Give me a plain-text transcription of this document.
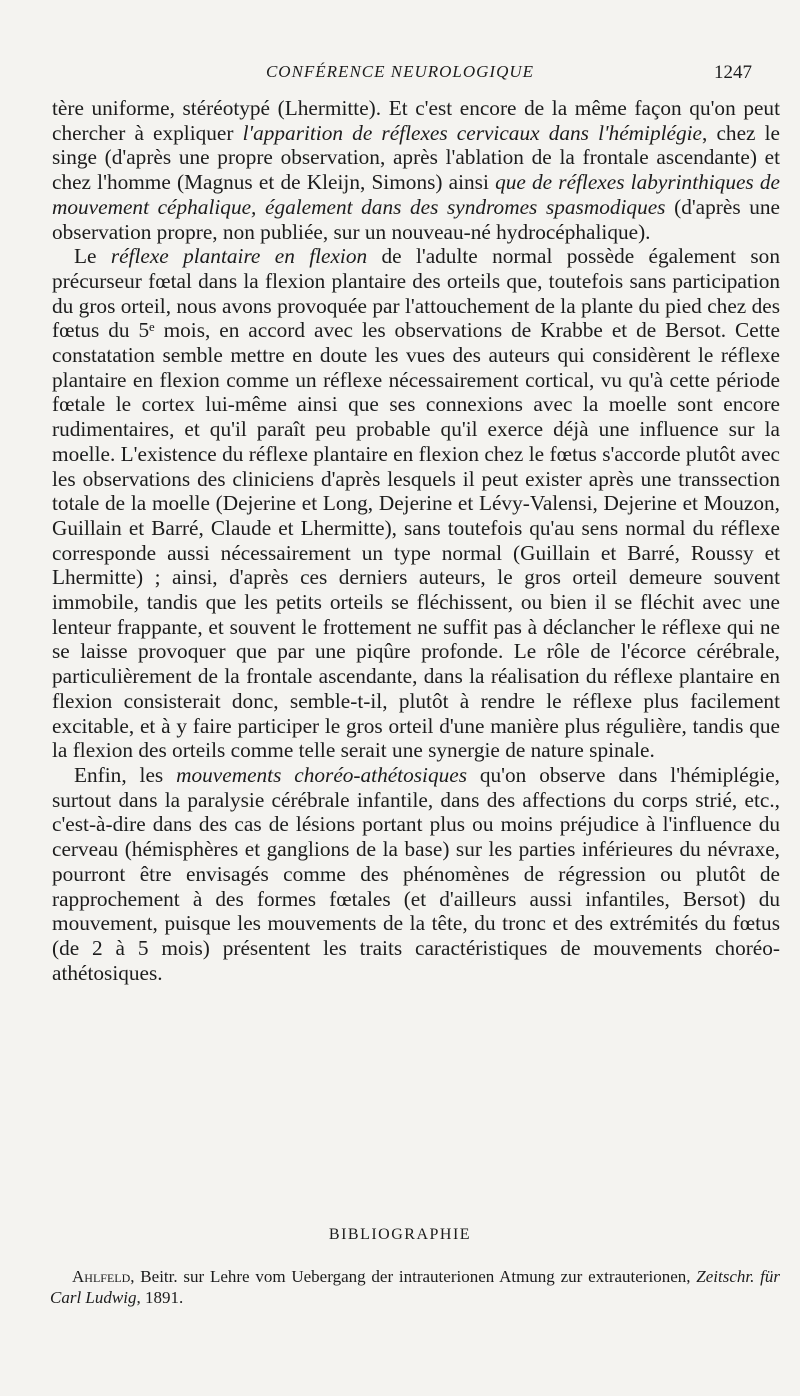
CONFÉRENCE NEUROLOGIQUE	1247

tère uniforme, stéréotypé (Lhermitte). Et c'est encore de la même façon qu'on peut chercher à expliquer l'apparition de réflexes cervicaux dans l'hémiplégie, chez le singe (d'après une propre observation, après l'ablation de la frontale ascendante) et chez l'homme (Magnus et de Kleijn, Simons) ainsi que de réflexes labyrinthiques de mouvement céphalique, également dans des syndromes spasmodiques (d'après une observation propre, non publiée, sur un nouveau-né hydrocéphalique).

Le réflexe plantaire en flexion de l'adulte normal possède également son précurseur fœtal dans la flexion plantaire des orteils que, toutefois sans participation du gros orteil, nous avons provoquée par l'attouchement de la plante du pied chez des fœtus du 5ᵉ mois, en accord avec les observations de Krabbe et de Bersot. Cette constatation semble mettre en doute les vues des auteurs qui considèrent le réflexe plantaire en flexion comme un réflexe nécessairement cortical, vu qu'à cette période fœtale le cortex lui-même ainsi que ses connexions avec la moelle sont encore rudimentaires, et qu'il paraît peu probable qu'il exerce déjà une influence sur la moelle. L'existence du réflexe plantaire en flexion chez le fœtus s'accorde plutôt avec les observations des cliniciens d'après lesquels il peut exister après une transsection totale de la moelle (Dejerine et Long, Dejerine et Lévy-Valensi, Dejerine et Mouzon, Guillain et Barré, Claude et Lhermitte), sans toutefois qu'au sens normal du réflexe corresponde aussi nécessairement un type normal (Guillain et Barré, Roussy et Lhermitte) ; ainsi, d'après ces derniers auteurs, le gros orteil demeure souvent immobile, tandis que les petits orteils se fléchissent, ou bien il se fléchit avec une lenteur frappante, et souvent le frottement ne suffit pas à déclancher le réflexe qui ne se laisse provoquer que par une piqûre profonde. Le rôle de l'écorce cérébrale, particulièrement de la frontale ascendante, dans la réalisation du réflexe plantaire en flexion consisterait donc, semble-t-il, plutôt à rendre le réflexe plus facilement excitable, et à y faire participer le gros orteil d'une manière plus régulière, tandis que la flexion des orteils comme telle serait une synergie de nature spinale.

Enfin, les mouvements choréo-athétosiques qu'on observe dans l'hémiplégie, surtout dans la paralysie cérébrale infantile, dans des affections du corps strié, etc., c'est-à-dire dans des cas de lésions portant plus ou moins préjudice à l'influence du cerveau (hémisphères et ganglions de la base) sur les parties inférieures du névraxe, pourront être envisagés comme des phénomènes de régression ou plutôt de rapprochement à des formes fœtales (et d'ailleurs aussi infantiles, Bersot) du mouvement, puisque les mouvements de la tête, du tronc et des extrémités du fœtus (de 2 à 5 mois) présentent les traits caractéristiques de mouvements choréo-athétosiques.

BIBLIOGRAPHIE
Ahlfeld, Beitr. sur Lehre vom Uebergang der intrauterionen Atmung zur extrauterionen, Zeitschr. für Carl Ludwig, 1891.
